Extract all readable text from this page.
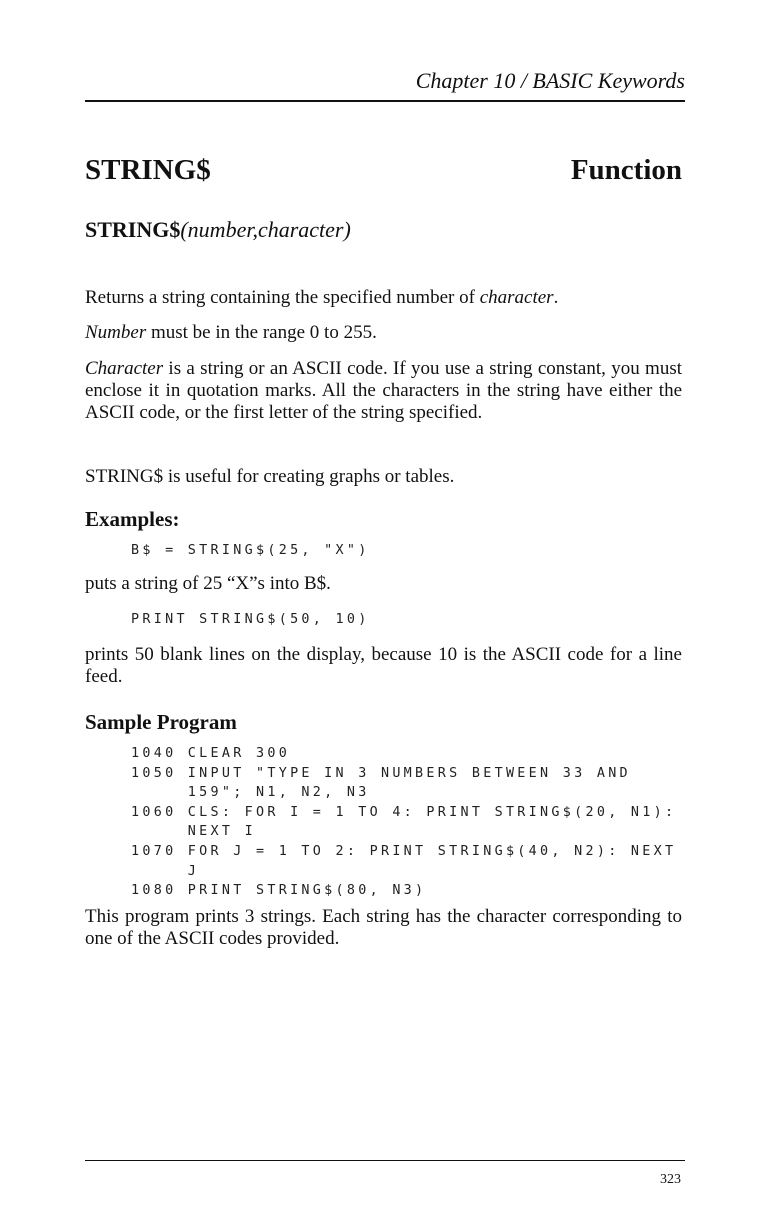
Chapter 10 / BASIC Keywords
STRING$	Function
STRING$(number,character)

Returns a string containing the specified number of character.

Number must be in the range 0 to 255.

Character is a string or an ASCII code. If you use a string constant, you must enclose it in quotation marks. All the characters in the string have either the ASCII code, or the first letter of the string specified.

STRING$ is useful for creating graphs or tables.

Examples:
B$ = STRING$(25, "X")

puts a string of 25 “X”s into B$.

PRINT STRING$(50, 10)

prints 50 blank lines on the display, because 10 is the ASCII code for a line feed.

Sample Program
1040 CLEAR 300
1050 INPUT "TYPE IN 3 NUMBERS BETWEEN 33 AND
159"; N1, N2, N3
1060 CLS: FOR I = 1 TO 4: PRINT STRING$(20, N1):
NEXT I
1070 FOR J = 1 TO 2: PRINT STRING$(40, N2): NEXT
J
1080 PRINT STRING$(80, N3)

This program prints 3 strings. Each string has the character corresponding to one of the ASCII codes provided.

323
